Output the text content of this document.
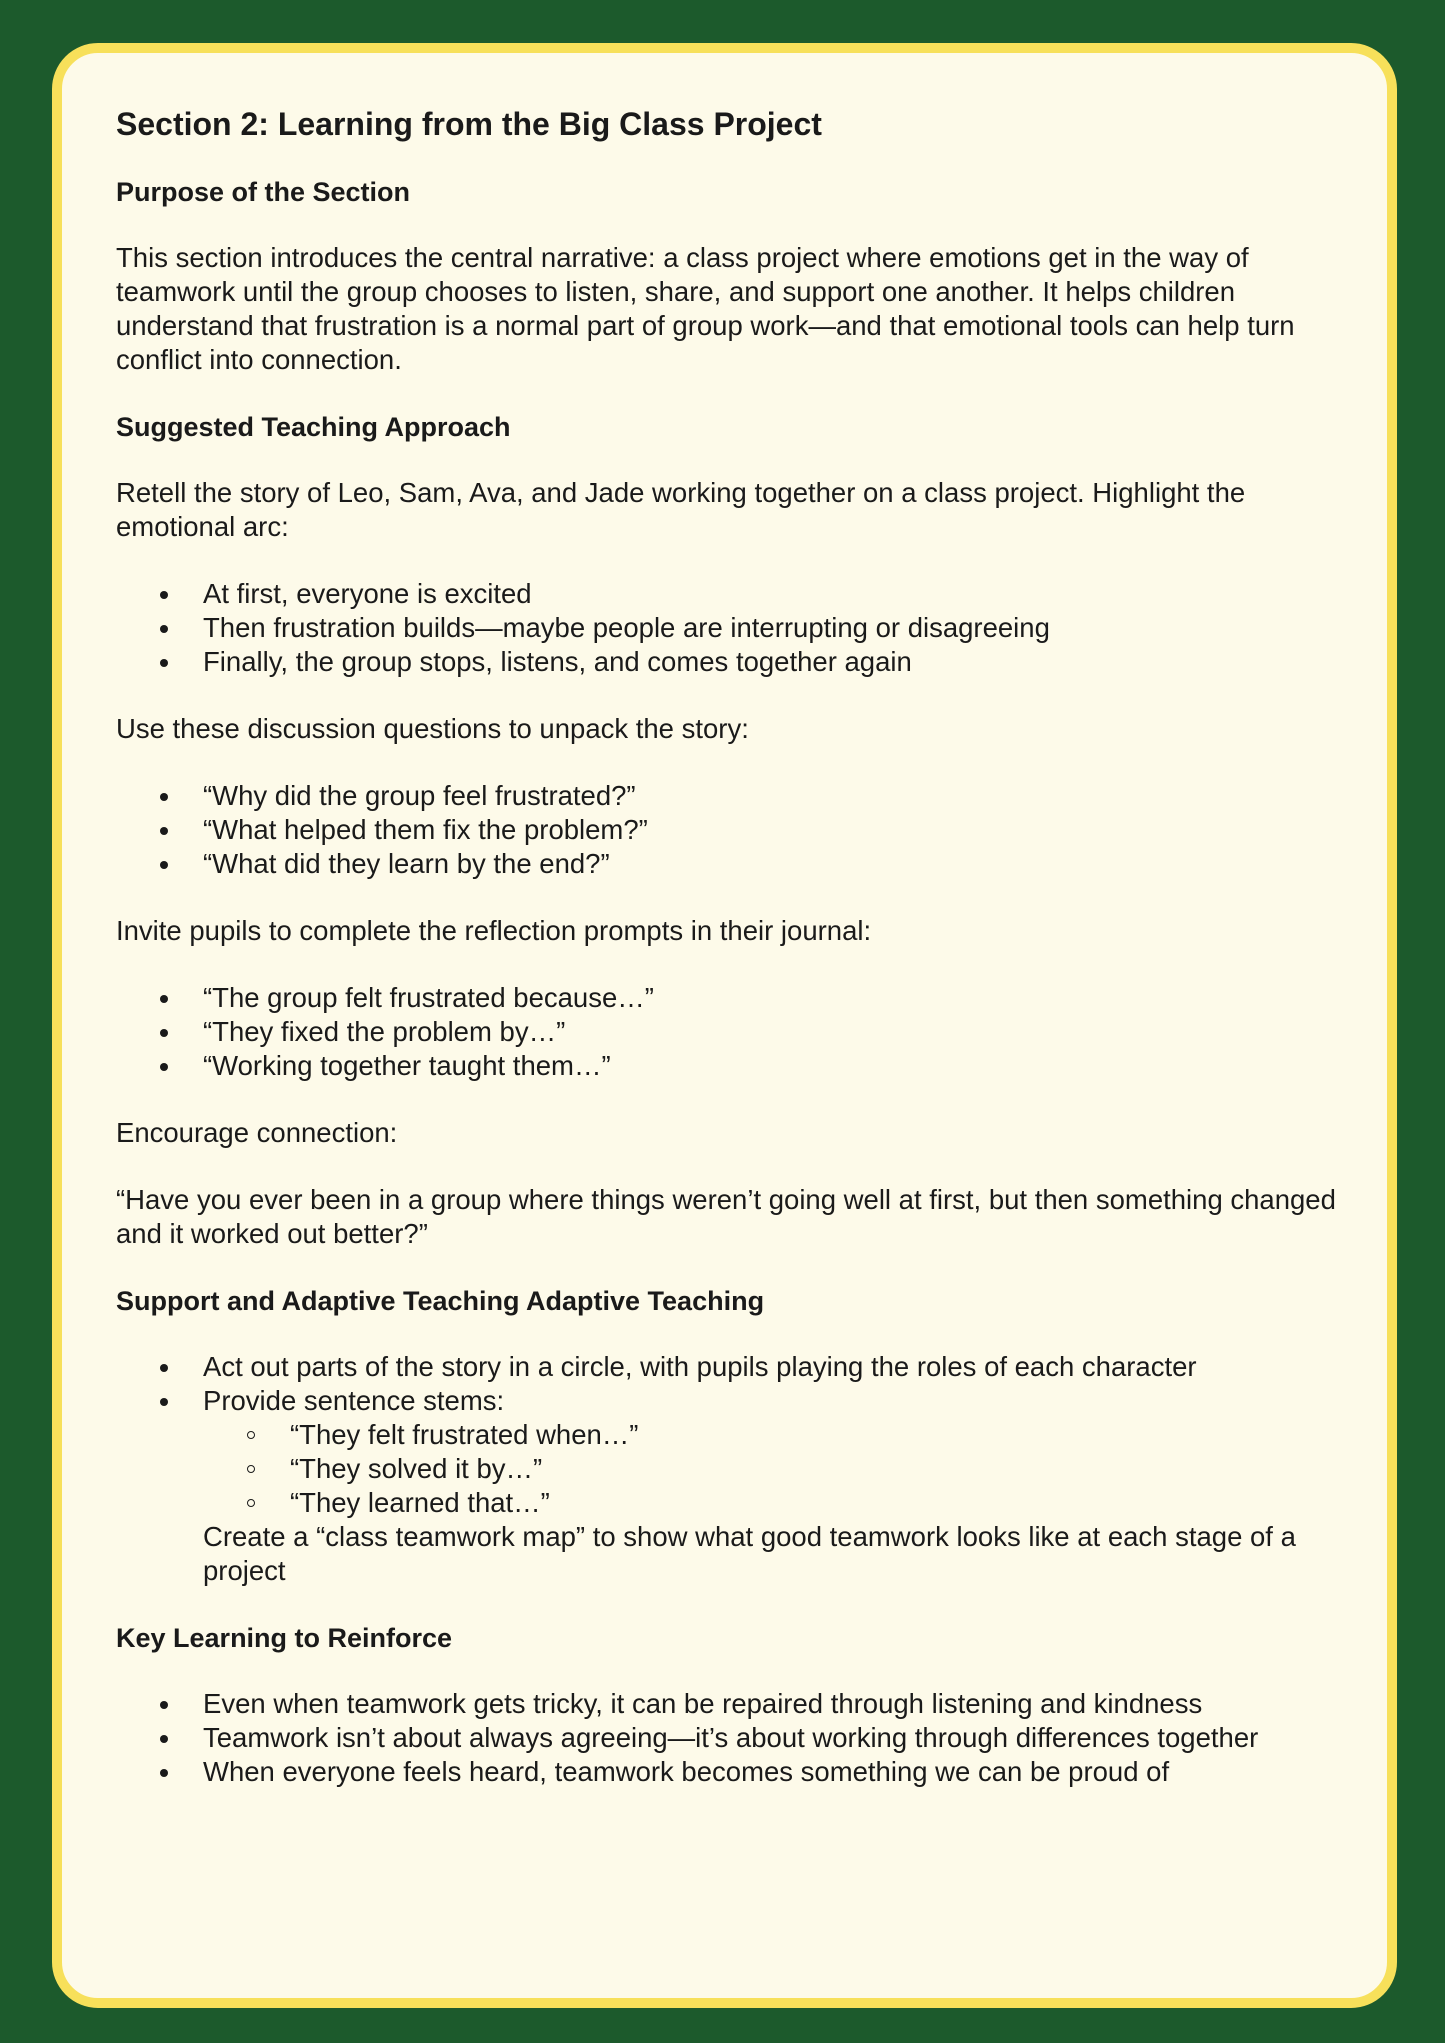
Section 2: Learning from the Big Class Project
Purpose of the Section

This section introduces the central narrative: a class project where emotions get in the way of teamwork until the group chooses to listen, share, and support one another. It helps children understand that frustration is a normal part of group work—and that emotional tools can help turn conflict into connection.

Suggested Teaching Approach

Retell the story of Leo, Sam, Ava, and Jade working together on a class project. Highlight the emotional arc:

At first, everyone is excited
Then frustration builds—maybe people are interrupting or disagreeing
Finally, the group stops, listens, and comes together again

Use these discussion questions to unpack the story:

“Why did the group feel frustrated?”
“What helped them fix the problem?”
“What did they learn by the end?”

Invite pupils to complete the reflection prompts in their journal:

“The group felt frustrated because…”
“They fixed the problem by…”
“Working together taught them…”

Encourage connection:

“Have you ever been in a group where things weren’t going well at first, but then something changed and it worked out better?”

Support and Adaptive Teaching Adaptive Teaching
Act out parts of the story in a circle, with pupils playing the roles of each character
Provide sentence stems:
“They felt frustrated when…”
“They solved it by…”
“They learned that…”
Create a “class teamwork map” to show what good teamwork looks like at each stage of a project
Key Learning to Reinforce
Even when teamwork gets tricky, it can be repaired through listening and kindness
Teamwork isn’t about always agreeing—it’s about working through differences together
When everyone feels heard, teamwork becomes something we can be proud of
